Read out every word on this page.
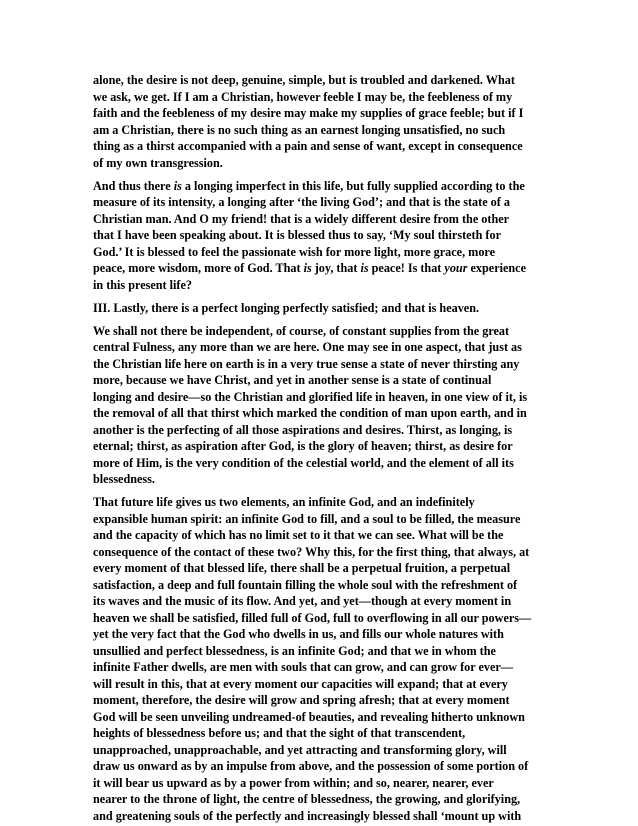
alone, the desire is not deep, genuine, simple, but is troubled and darkened. What
we ask, we get. If I am a Christian, however feeble I may be, the feebleness of my
faith and the feebleness of my desire may make my supplies of grace feeble; but if I
am a Christian, there is no such thing as an earnest longing unsatisfied, no such
thing as a thirst accompanied with a pain and sense of want, except in consequence
of my own transgression.

And thus there is a longing imperfect in this life, but fully supplied according to the
measure of its intensity, a longing after ‘the living God’; and that is the state of a
Christian man. And O my friend! that is a widely different desire from the other
that I have been speaking about. It is blessed thus to say, ‘My soul thirsteth for
God.’ It is blessed to feel the passionate wish for more light, more grace, more
peace, more wisdom, more of God. That is joy, that is peace! Is that your experience
in this present life?

III. Lastly, there is a perfect longing perfectly satisfied; and that is heaven.

We shall not there be independent, of course, of constant supplies from the great
central Fulness, any more than we are here. One may see in one aspect, that just as
the Christian life here on earth is in a very true sense a state of never thirsting any
more, because we have Christ, and yet in another sense is a state of continual
longing and desire—so the Christian and glorified life in heaven, in one view of it, is
the removal of all that thirst which marked the condition of man upon earth, and in
another is the perfecting of all those aspirations and desires. Thirst, as longing, is
eternal; thirst, as aspiration after God, is the glory of heaven; thirst, as desire for
more of Him, is the very condition of the celestial world, and the element of all its
blessedness.

That future life gives us two elements, an infinite God, and an indefinitely
expansible human spirit: an infinite God to fill, and a soul to be filled, the measure
and the capacity of which has no limit set to it that we can see. What will be the
consequence of the contact of these two? Why this, for the first thing, that always, at
every moment of that blessed life, there shall be a perpetual fruition, a perpetual
satisfaction, a deep and full fountain filling the whole soul with the refreshment of
its waves and the music of its flow. And yet, and yet—though at every moment in
heaven we shall be satisfied, filled full of God, full to overflowing in all our powers—
yet the very fact that the God who dwells in us, and fills our whole natures with
unsullied and perfect blessedness, is an infinite God; and that we in whom the
infinite Father dwells, are men with souls that can grow, and can grow for ever—
will result in this, that at every moment our capacities will expand; that at every
moment, therefore, the desire will grow and spring afresh; that at every moment
God will be seen unveiling undreamed-of beauties, and revealing hitherto unknown
heights of blessedness before us; and that the sight of that transcendent,
unapproached, unapproachable, and yet attracting and transforming glory, will
draw us onward as by an impulse from above, and the possession of some portion of
it will bear us upward as by a power from within; and so, nearer, nearer, ever
nearer to the throne of light, the centre of blessedness, the growing, and glorifying,
and greatening souls of the perfectly and increasingly blessed shall ‘mount up with
